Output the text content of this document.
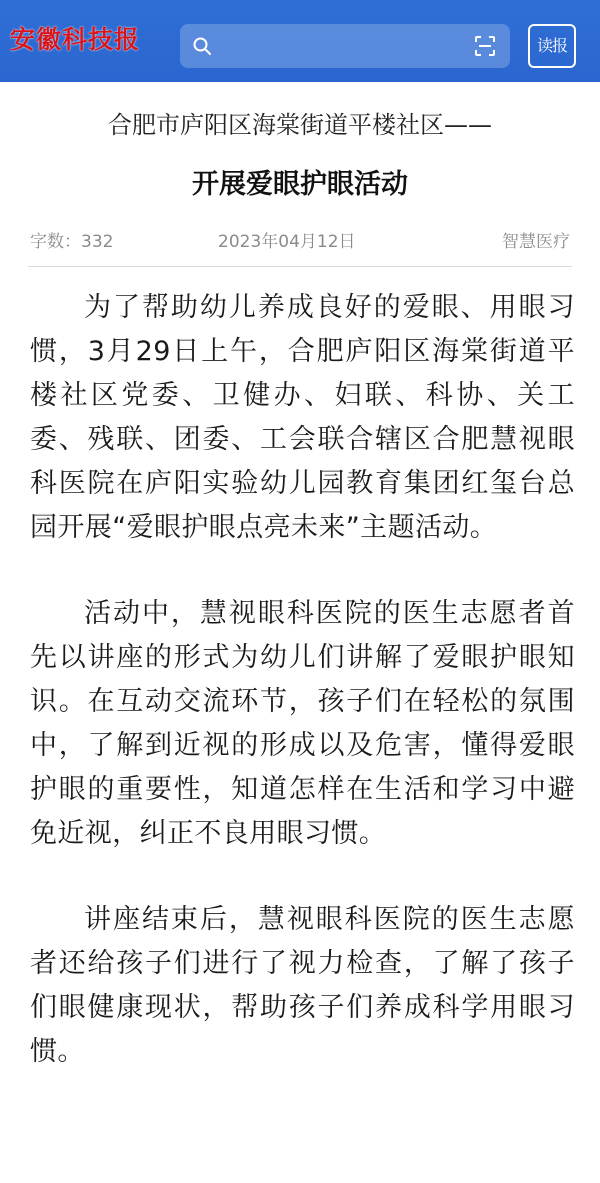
安徽科技报	读报
合肥市庐阳区海棠街道平楼社区——
开展爱眼护眼活动
字数：332	2023年04月12日	智慧医疗

为了帮助幼儿养成良好的爱眼、用眼习惯，3月29日上午，合肥庐阳区海棠街道平楼社区党委、卫健办、妇联、科协、关工委、残联、团委、工会联合辖区合肥慧视眼科医院在庐阳实验幼儿园教育集团红玺台总园开展“爱眼护眼点亮未来”主题活动。

活动中，慧视眼科医院的医生志愿者首先以讲座的形式为幼儿们讲解了爱眼护眼知识。在互动交流环节，孩子们在轻松的氛围中，了解到近视的形成以及危害，懂得爱眼护眼的重要性，知道怎样在生活和学习中避免近视，纠正不良用眼习惯。

讲座结束后，慧视眼科医院的医生志愿者还给孩子们进行了视力检查，了解了孩子们眼健康现状，帮助孩子们养成科学用眼习惯。
